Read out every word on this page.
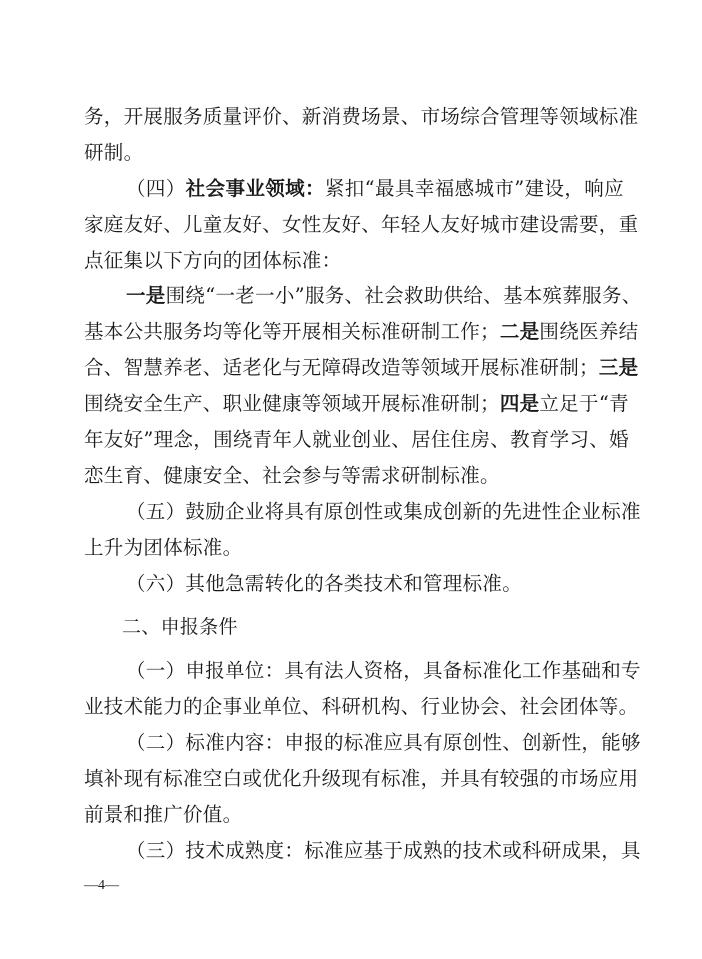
务，开展服务质量评价、新消费场景、市场综合管理等领域标准
研制。
（四）社会事业领域：紧扣“最具幸福感城市”建设，响应
家庭友好、儿童友好、女性友好、年轻人友好城市建设需要，重
点征集以下方向的团体标准：
一是围绕“一老一小”服务、社会救助供给、基本殡葬服务、
基本公共服务均等化等开展相关标准研制工作；二是围绕医养结
合、智慧养老、适老化与无障碍改造等领域开展标准研制；三是
围绕安全生产、职业健康等领域开展标准研制；四是立足于“青
年友好”理念，围绕青年人就业创业、居住住房、教育学习、婚
恋生育、健康安全、社会参与等需求研制标准。
（五）鼓励企业将具有原创性或集成创新的先进性企业标准
上升为团体标准。
（六）其他急需转化的各类技术和管理标准。
二、申报条件
（一）申报单位：具有法人资格，具备标准化工作基础和专
业技术能力的企事业单位、科研机构、行业协会、社会团体等。
（二）标准内容：申报的标准应具有原创性、创新性，能够
填补现有标准空白或优化升级现有标准，并具有较强的市场应用
前景和推广价值。
（三）技术成熟度：标准应基于成熟的技术或科研成果，具
—4—
